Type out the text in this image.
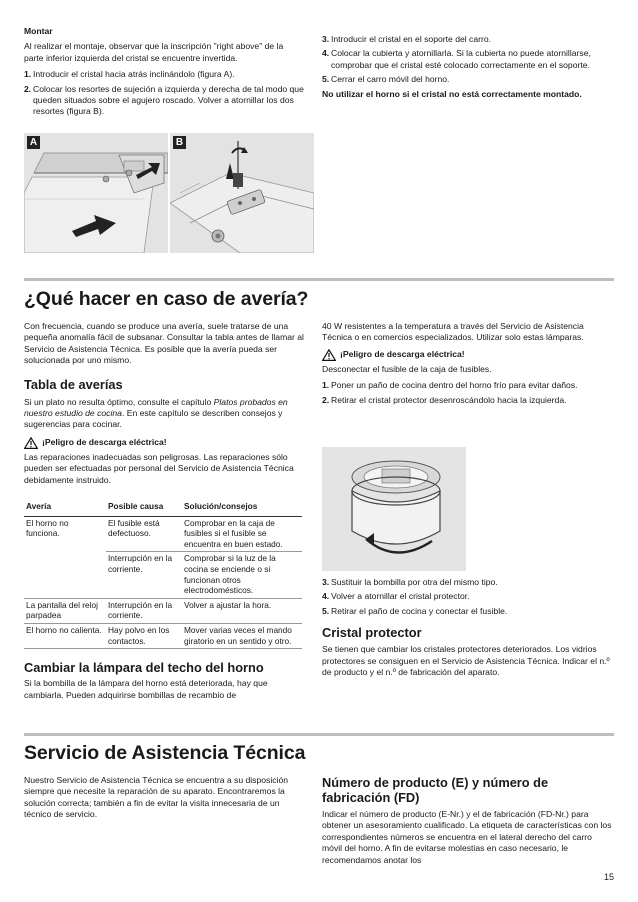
Montar

Al realizar el montaje, observar que la inscripción "right above" de la parte inferior izquierda del cristal se encuentre invertida.

1. Introducir el cristal hacia atrás inclinándolo (figura A).
2. Colocar los resortes de sujeción a izquierda y derecha de tal modo que queden situados sobre el agujero roscado. Volver a atornillar los dos resortes (figura B).
3. Introducir el cristal en el soporte del carro.
4. Colocar la cubierta y atornillarla. Si la cubierta no puede atornillarse, comprobar que el cristal esté colocado correctamente en el soporte.
5. Cerrar el carro móvil del horno.

No utilizar el horno si el cristal no está correctamente montado.

A	B
¿Qué hacer en caso de avería?

Con frecuencia, cuando se produce una avería, suele tratarse de una pequeña anomalía fácil de subsanar. Consultar la tabla antes de llamar al Servicio de Asistencia Técnica. Es posible que la avería pueda ser solucionada por uno mismo.

Tabla de averías

Si un plato no resulta óptimo, consulte el capítulo Platos probados en nuestro estudio de cocina. En este capítulo se describen consejos y sugerencias para cocinar.

¡Peligro de descarga eléctrica!

Las reparaciones inadecuadas son peligrosas. Las reparaciones sólo pueden ser efectuadas por personal del Servicio de Asistencia Técnica debidamente instruido.

Avería	Posible causa	Solución/consejos
El horno no funciona.	El fusible está defectuoso.	Comprobar en la caja de fusibles si el fusible se encuentra en buen estado.
	Interrupción en la corriente.	Comprobar si la luz de la cocina se enciende o si funcionan otros electrodomésticos.
La pantalla del reloj parpadea	Interrupción en la corriente.	Volver a ajustar la hora.
El horno no calienta.	Hay polvo en los contactos.	Mover varias veces el mando giratorio en un sentido y otro.
Cambiar la lámpara del techo del horno

Si la bombilla de la lámpara del horno está deteriorada, hay que cambiarla. Pueden adquirirse bombillas de recambio de

40 W resistentes a la temperatura a través del Servicio de Asistencia Técnica o en comercios especializados. Utilizar solo estas lámparas.

¡Peligro de descarga eléctrica!

Desconectar el fusible de la caja de fusibles.

1. Poner un paño de cocina dentro del horno frío para evitar daños.
2. Retirar el cristal protector desenroscándolo hacia la izquierda.
3. Sustituir la bombilla por otra del mismo tipo.
4. Volver a atornillar el cristal protector.
5. Retirar el paño de cocina y conectar el fusible.
Cristal protector

Se tienen que cambiar los cristales protectores deteriorados. Los vidrios protectores se consiguen en el Servicio de Asistencia Técnica. Indicar el n.º de producto y el n.º de fabricación del aparato.

Servicio de Asistencia Técnica

Nuestro Servicio de Asistencia Técnica se encuentra a su disposición siempre que necesite la reparación de su aparato. Encontraremos la solución correcta; también a fin de evitar la visita innecesaria de un técnico de servicio.

Número de producto (E) y número de fabricación (FD)

Indicar el número de producto (E-Nr.) y el de fabricación (FD-Nr.) para obtener un asesoramiento cualificado. La etiqueta de características con los correspondientes números se encuentra en el lateral derecho del carro móvil del horno. A fin de evitarse molestias en caso necesario, le recomendamos anotar los

15
